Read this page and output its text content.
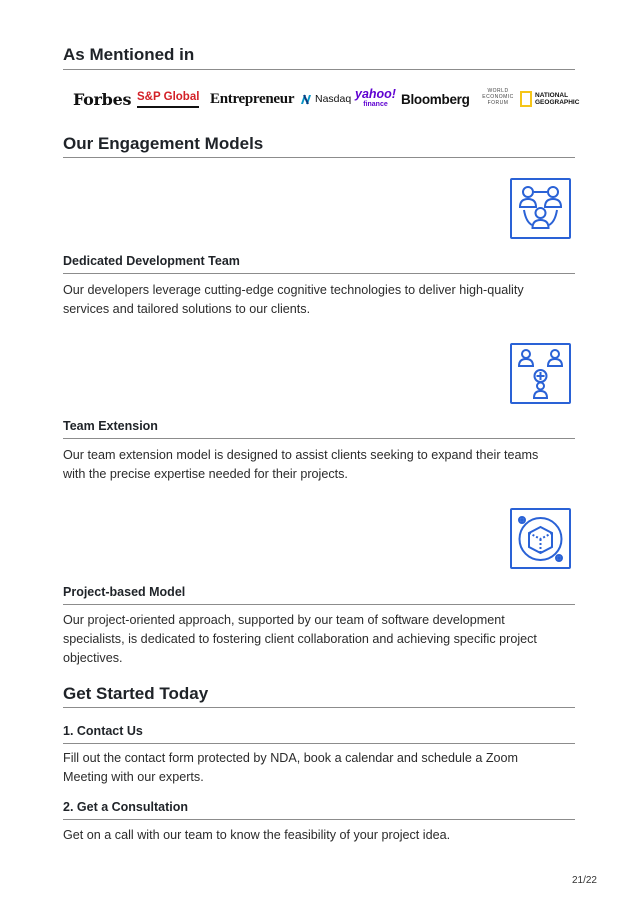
As Mentioned in
Forbes S&P Global Entrepreneur Nasdaq yahoo!
finance Bloomberg
WORLD
ECONOMIC
FORUM
NATIONAL
GEOGRAPHIC
Our Engagement Models
Dedicated Development Team

Our developers leverage cutting-edge cognitive technologies to deliver high-quality
services and tailored solutions to our clients.

Team Extension

Our team extension model is designed to assist clients seeking to expand their teams
with the precise expertise needed for their projects.

Project-based Model

Our project-oriented approach, supported by our team of software development
specialists, is dedicated to fostering client collaboration and achieving specific project
objectives.

Get Started Today
1. Contact Us

Fill out the contact form protected by NDA, book a calendar and schedule a Zoom
Meeting with our experts.

2. Get a Consultation

Get on a call with our team to know the feasibility of your project idea.

21/22
